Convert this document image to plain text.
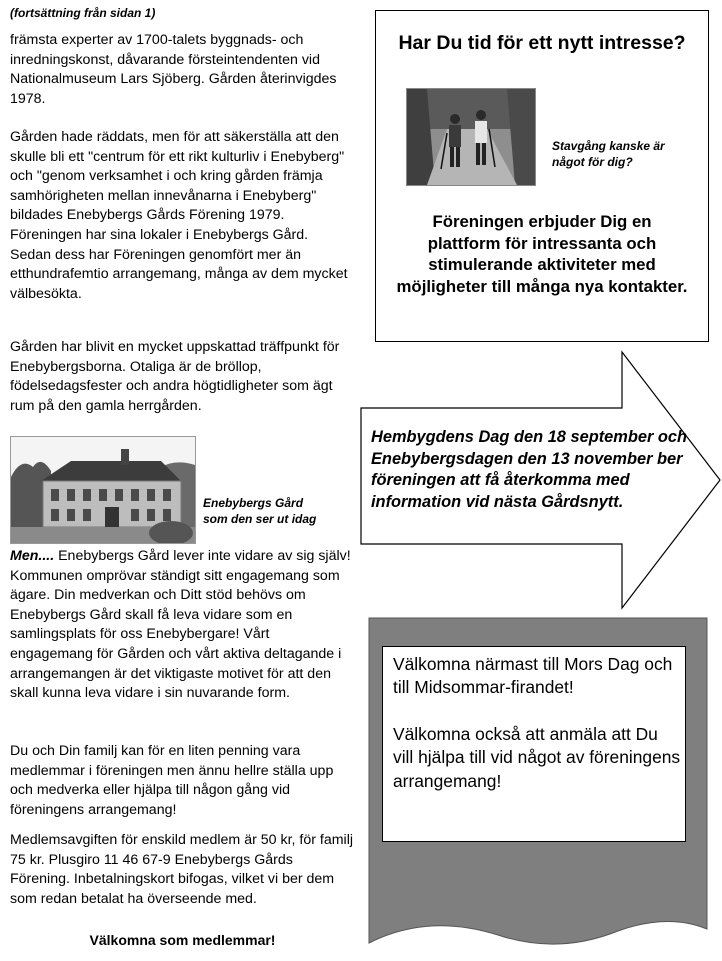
(fortsättning från sidan 1)

främsta experter av 1700-talets byggnads- och inredningskonst, dåvarande försteintendenten vid Nationalmuseum Lars Sjöberg. Gården återinvigdes 1978.

Gården hade räddats, men för att säkerställa att den skulle bli ett "centrum för ett rikt kulturliv i Enebyberg" och "genom verksamhet i och kring gården främja samhörigheten mellan innevånarna i Enebyberg" bildades Enebybergs Gårds Förening 1979. Föreningen har sina lokaler i Enebybergs Gård.

Sedan dess har Föreningen genomfört mer än etthundrafemtio arrangemang, många av dem mycket välbesökta.

Gården har blivit en mycket uppskattad träffpunkt för Enebybergsborna. Otaliga är de bröllop, födelsedagsfester och andra högtidligheter som ägt rum på den gamla herrgården.

Enebybergs Gård
som den ser ut idag

Men.... Enebybergs Gård lever inte vidare av sig själv! Kommunen omprövar ständigt sitt engagemang som ägare. Din medverkan och Ditt stöd behövs om Enebybergs Gård skall få leva vidare som en samlingsplats för oss Enebybergare! Vårt engagemang för Gården och vårt aktiva deltagande i arrangemangen är det viktigaste motivet för att den skall kunna leva vidare i sin nuvarande form.

Du och Din familj kan för en liten penning vara medlemmar i föreningen men ännu hellre ställa upp och medverka eller hjälpa till någon gång vid föreningens arrangemang!

Medlemsavgiften för enskild medlem är 50 kr, för familj 75 kr. Plusgiro 11 46 67-9 Enebybergs Gårds Förening. Inbetalningskort bifogas, vilket vi ber dem som redan betalat ha överseende med.

Välkomna som medlemmar!
Har Du tid för ett nytt intresse?
Stavgång kanske är
något för dig?
Föreningen erbjuder Dig en plattform för intressanta och stimulerande aktiviteter med möjligheter till många nya kontakter.
Hembygdens Dag den 18 september och Enebybergsdagen den 13 november ber föreningen att få återkomma med information vid nästa Gårdsnytt.

Välkomna närmast till Mors Dag och till Midsommar-firandet!

Välkomna också att anmäla att Du vill hjälpa till vid något av föreningens arrangemang!
